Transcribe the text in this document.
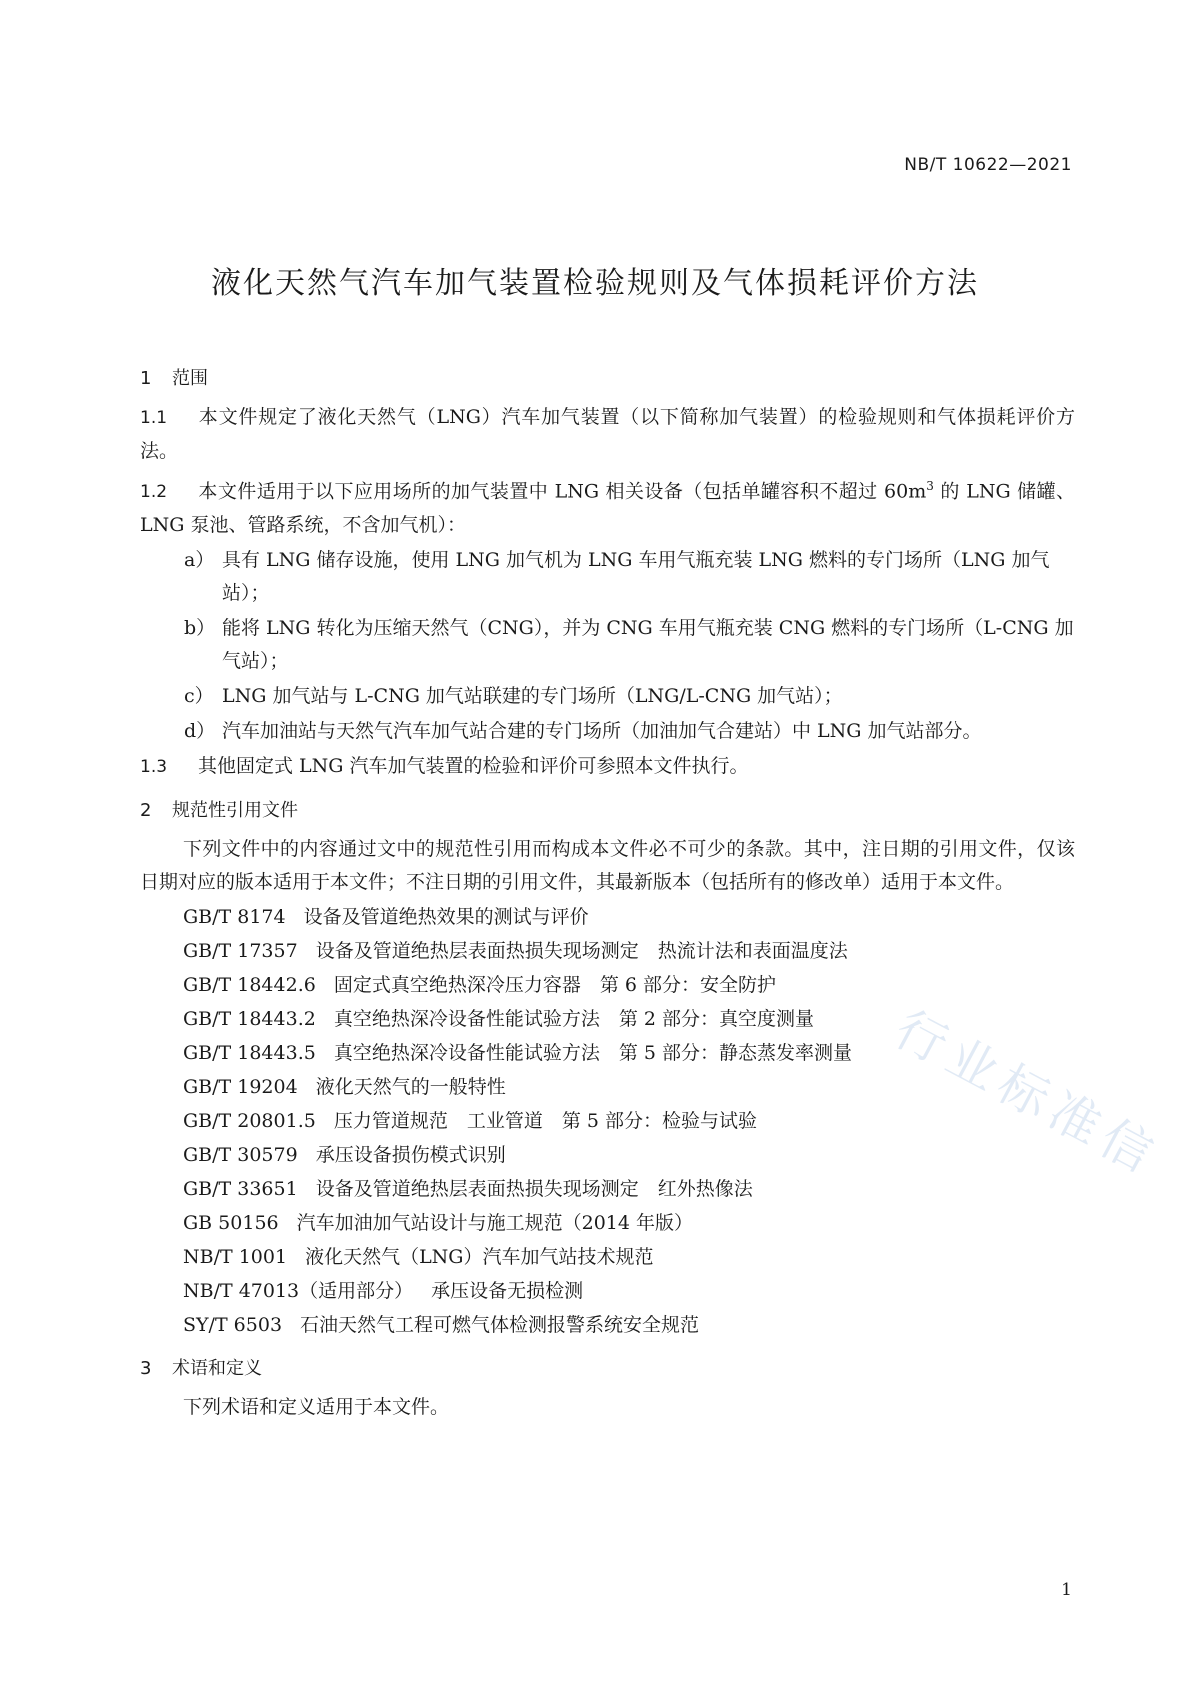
NB/T 10622—2021
液化天然气汽车加气装置检验规则及气体损耗评价方法
行业标准信
1 范围

1.1 本文件规定了液化天然气（LNG）汽车加气装置（以下简称加气装置）的检验规则和气体损耗评价方法。

1.2 本文件适用于以下应用场所的加气装置中 LNG 相关设备（包括单罐容积不超过 $60m^3$ 的 LNG 储罐、LNG 泵池、管路系统，不含加气机）：

a） 具有 LNG 储存设施，使用 LNG 加气机为 LNG 车用气瓶充装 LNG 燃料的专门场所（LNG 加气站）；
b） 能将 LNG 转化为压缩天然气（CNG），并为 CNG 车用气瓶充装 CNG 燃料的专门场所（L-CNG 加气站）；
c） LNG 加气站与 L-CNG 加气站联建的专门场所（LNG/L-CNG 加气站）；
d） 汽车加油站与天然气汽车加气站合建的专门场所（加油加气合建站）中 LNG 加气站部分。

1.3 其他固定式 LNG 汽车加气装置的检验和评价可参照本文件执行。

2 规范性引用文件

下列文件中的内容通过文中的规范性引用而构成本文件必不可少的条款。其中，注日期的引用文件，仅该日期对应的版本适用于本文件；不注日期的引用文件，其最新版本（包括所有的修改单）适用于本文件。

GB/T 8174 设备及管道绝热效果的测试与评价
GB/T 17357 设备及管道绝热层表面热损失现场测定　热流计法和表面温度法
GB/T 18442.6 固定式真空绝热深冷压力容器　第 6 部分：安全防护
GB/T 18443.2 真空绝热深冷设备性能试验方法　第 2 部分：真空度测量
GB/T 18443.5 真空绝热深冷设备性能试验方法　第 5 部分：静态蒸发率测量
GB/T 19204 液化天然气的一般特性
GB/T 20801.5 压力管道规范　工业管道　第 5 部分：检验与试验
GB/T 30579 承压设备损伤模式识别
GB/T 33651 设备及管道绝热层表面热损失现场测定　红外热像法
GB 50156 汽车加油加气站设计与施工规范（2014 年版）
NB/T 1001 液化天然气（LNG）汽车加气站技术规范
NB/T 47013（适用部分） 承压设备无损检测
SY/T 6503 石油天然气工程可燃气体检测报警系统安全规范
3 术语和定义

下列术语和定义适用于本文件。

1
